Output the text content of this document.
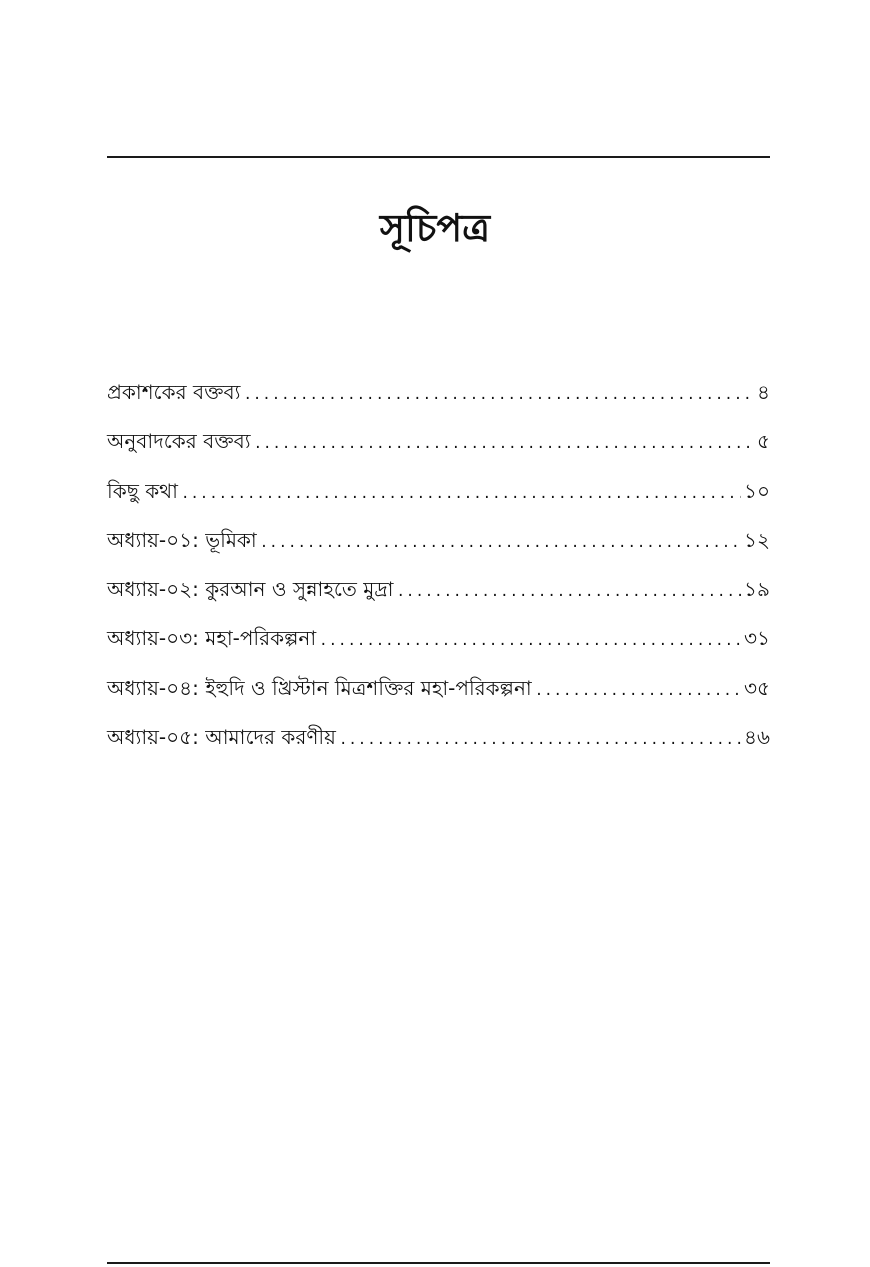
সূচিপত্র
প্রকাশকের বক্তব্য .....	৪
অনুবাদকের বক্তব্য .....	৫
কিছু কথা .....	১০
অধ্যায়-০১: ভূমিকা .....	১২
অধ্যায়-০২: কুরআন ও সুন্নাহতে মুদ্রা .....	১৯
অধ্যায়-০৩: মহা-পরিকল্পনা .....	৩১
অধ্যায়-০৪: ইহুদি ও খ্রিস্টান মিত্রশক্তির মহা-পরিকল্পনা .....	৩৫
অধ্যায়-০৫: আমাদের করণীয় .....	৪৬
